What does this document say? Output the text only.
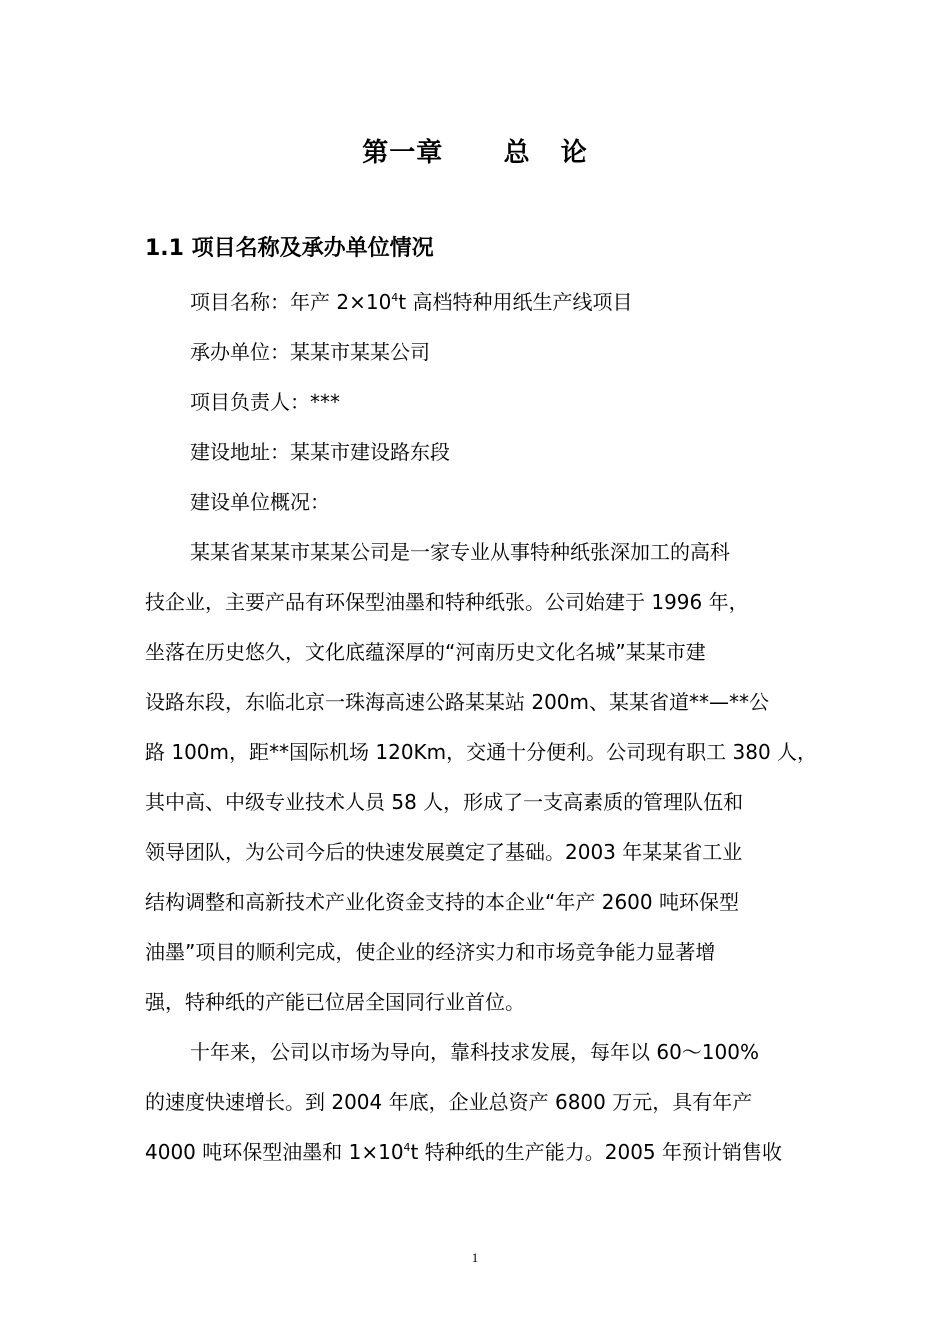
第一章      总   论
1.1 项目名称及承办单位情况
项目名称：年产 $2\times 10^4t$ 高档特种用纸生产线项目
承办单位：某某市某某公司
项目负责人：***
建设地址：某某市建设路东段
建设单位概况：
某某省某某市某某公司是一家专业从事特种纸张深加工的高科
技企业，主要产品有环保型油墨和特种纸张。公司始建于 1996 年，
坐落在历史悠久，文化底蕴深厚的“河南历史文化名城”某某市建
设路东段，东临北京一珠海高速公路某某站 200m、某某省道**—**公
路 100m，距**国际机场 120Km，交通十分便利。公司现有职工 380 人，
其中高、中级专业技术人员 58 人，形成了一支高素质的管理队伍和
领导团队，为公司今后的快速发展奠定了基础。2003 年某某省工业
结构调整和高新技术产业化资金支持的本企业“年产 2600 吨环保型
油墨”项目的顺利完成，使企业的经济实力和市场竞争能力显著增
强，特种纸的产能已位居全国同行业首位。
十年来，公司以市场为导向，靠科技求发展，每年以 60～100%
的速度快速增长。到 2004 年底，企业总资产 6800 万元，具有年产
4000 吨环保型油墨和 $1\times 10^4t$ 特种纸的生产能力。2005 年预计销售收
1
